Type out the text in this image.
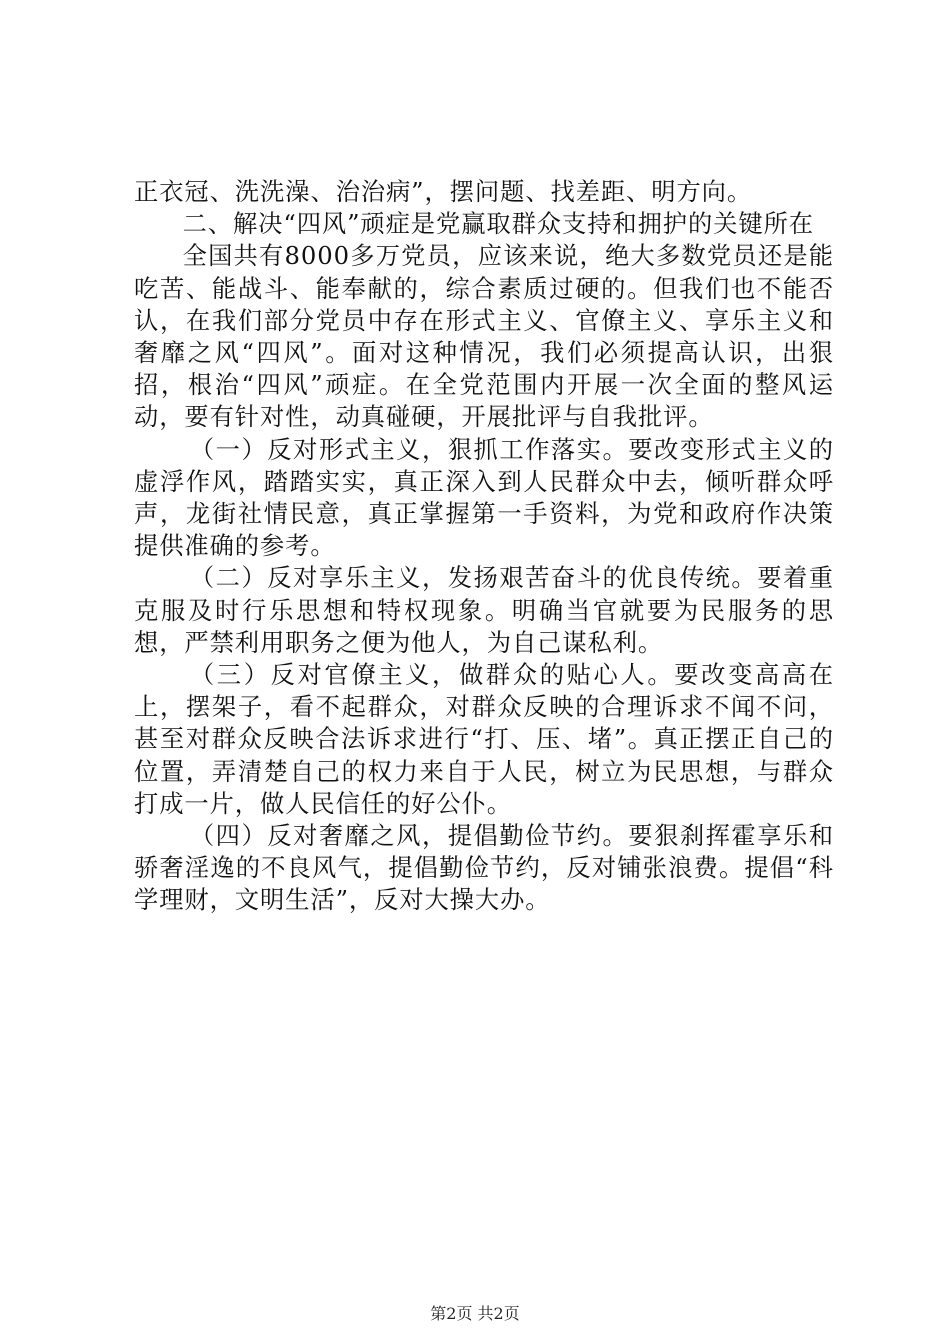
正衣冠、洗洗澡、治治病”，摆问题、找差距、明方向。

二、解决“四风”顽症是党赢取群众支持和拥护的关键所在

全国共有8000多万党员，应该来说，绝大多数党员还是能吃苦、能战斗、能奉献的，综合素质过硬的。但我们也不能否认，在我们部分党员中存在形式主义、官僚主义、享乐主义和奢靡之风“四风”。面对这种情况，我们必须提高认识，出狠招，根治“四风”顽症。在全党范围内开展一次全面的整风运动，要有针对性，动真碰硬，开展批评与自我批评。

（一）反对形式主义，狠抓工作落实。要改变形式主义的虚浮作风，踏踏实实，真正深入到人民群众中去，倾听群众呼声，龙街社情民意，真正掌握第一手资料，为党和政府作决策提供准确的参考。

（二）反对享乐主义，发扬艰苦奋斗的优良传统。要着重克服及时行乐思想和特权现象。明确当官就要为民服务的思想，严禁利用职务之便为他人，为自己谋私利。

（三）反对官僚主义，做群众的贴心人。要改变高高在上，摆架子，看不起群众，对群众反映的合理诉求不闻不问，甚至对群众反映合法诉求进行“打、压、堵”。真正摆正自己的位置，弄清楚自己的权力来自于人民，树立为民思想，与群众打成一片，做人民信任的好公仆。

（四）反对奢靡之风，提倡勤俭节约。要狠刹挥霍享乐和骄奢淫逸的不良风气，提倡勤俭节约，反对铺张浪费。提倡“科学理财，文明生活”，反对大操大办。

第2页 共2页
